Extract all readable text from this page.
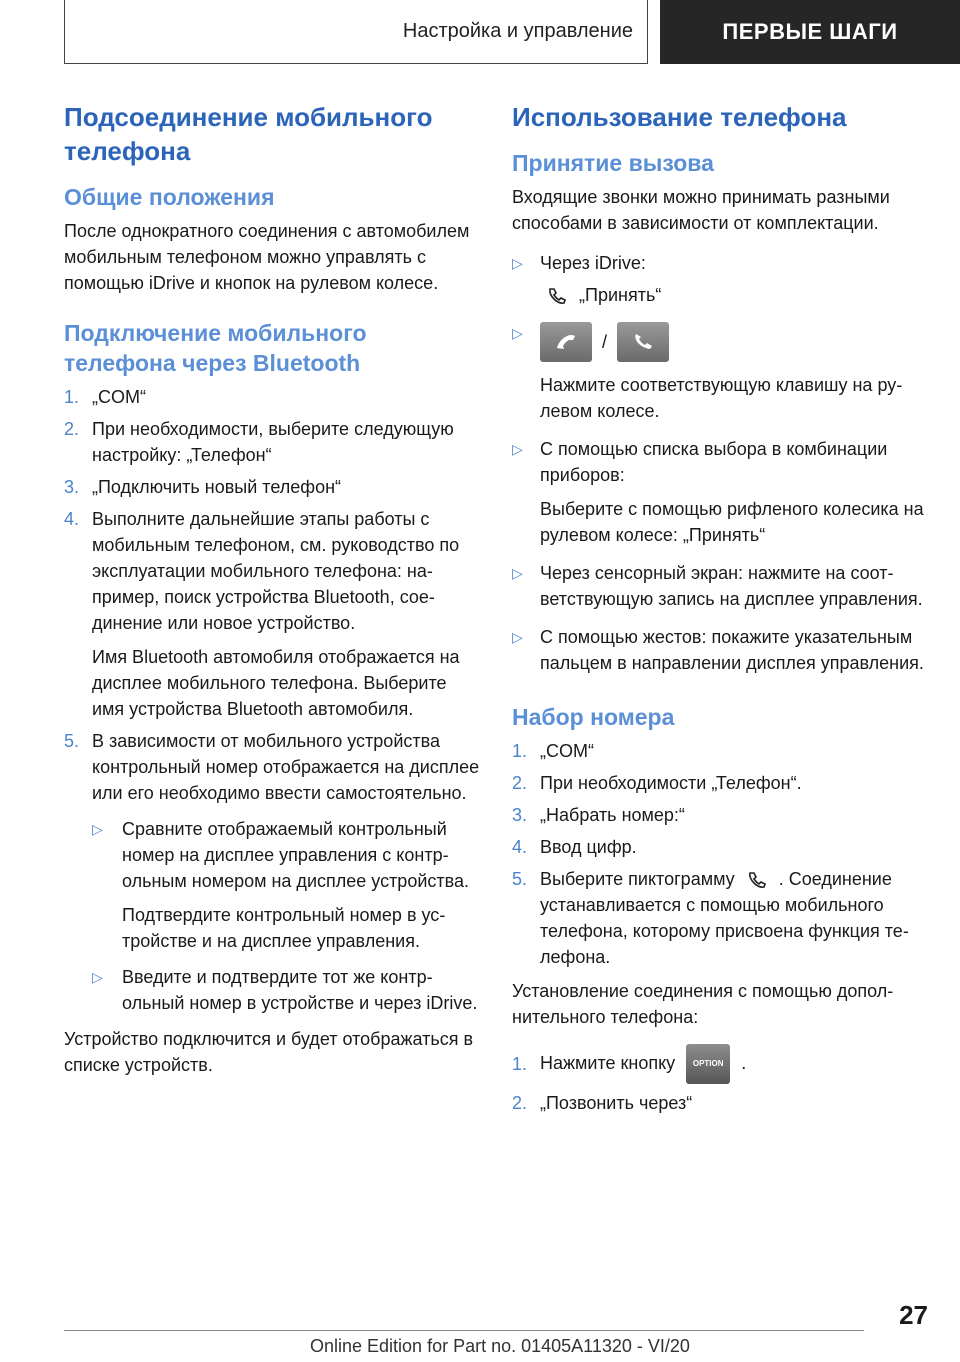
Настройка и управление	ПЕРВЫЕ ШАГИ
Подсоединение мобильного телефона
Общие положения

После однократного соединения с автомобилем мобильным телефоном можно управлять с помощью iDrive и кнопок на рулевом колесе.

Подключение мобильного телефона через Bluetooth
1. „COM“
2. При необходимости, выберите следующую настройку: „Телефон“
3. „Подключить новый телефон“
4. Выполните дальнейшие этапы работы с мобильным телефоном, см. руководство по эксплуатации мобильного телефона: например, поиск устройства Bluetooth, соединение или новое устройство.
Имя Bluetooth автомобиля отображается на дисплее мобильного телефона. Выберите имя устройства Bluetooth автомобиля.
5. В зависимости от мобильного устройства контрольный номер отображается на дисплее или его необходимо ввести самостоятельно.
▷	Сравните отображаемый контрольный номер на дисплее управления с контрольным номером на дисплее устройства.
Подтвердите контрольный номер в устройстве и на дисплее управления.
▷	Введите и подтвердите тот же контрольный номер в устройстве и через iDrive.
Устройство подключится и будет отображаться в списке устройств.
Использование телефона
Принятие вызова

Входящие звонки можно принимать разными способами в зависимости от комплектации.

▷ Через iDrive:
„Принять“
▷	/
Нажмите соответствующую клавишу на рулевом колесе.
▷ С помощью списка выбора в комбинации приборов:
Выберите с помощью рифленого колесика на рулевом колесе: „Принять“
▷ Через сенсорный экран: нажмите на соответствующую запись на дисплее управления.
▷ С помощью жестов: покажите указательным пальцем в направлении дисплея управления.
Набор номера
1. „COM“
2. При необходимости „Телефон“.
3. „Набрать номер:“
4. Ввод цифр.
5. Выберите пиктограмму . Соединение устанавливается с помощью мобильного телефона, которому присвоена функция телефона.

Установление соединения с помощью дополнительного телефона:

1. Нажмите кнопку OPTION .
2. „Позвонить через“
27
Online Edition for Part no. 01405A11320 - VI/20
